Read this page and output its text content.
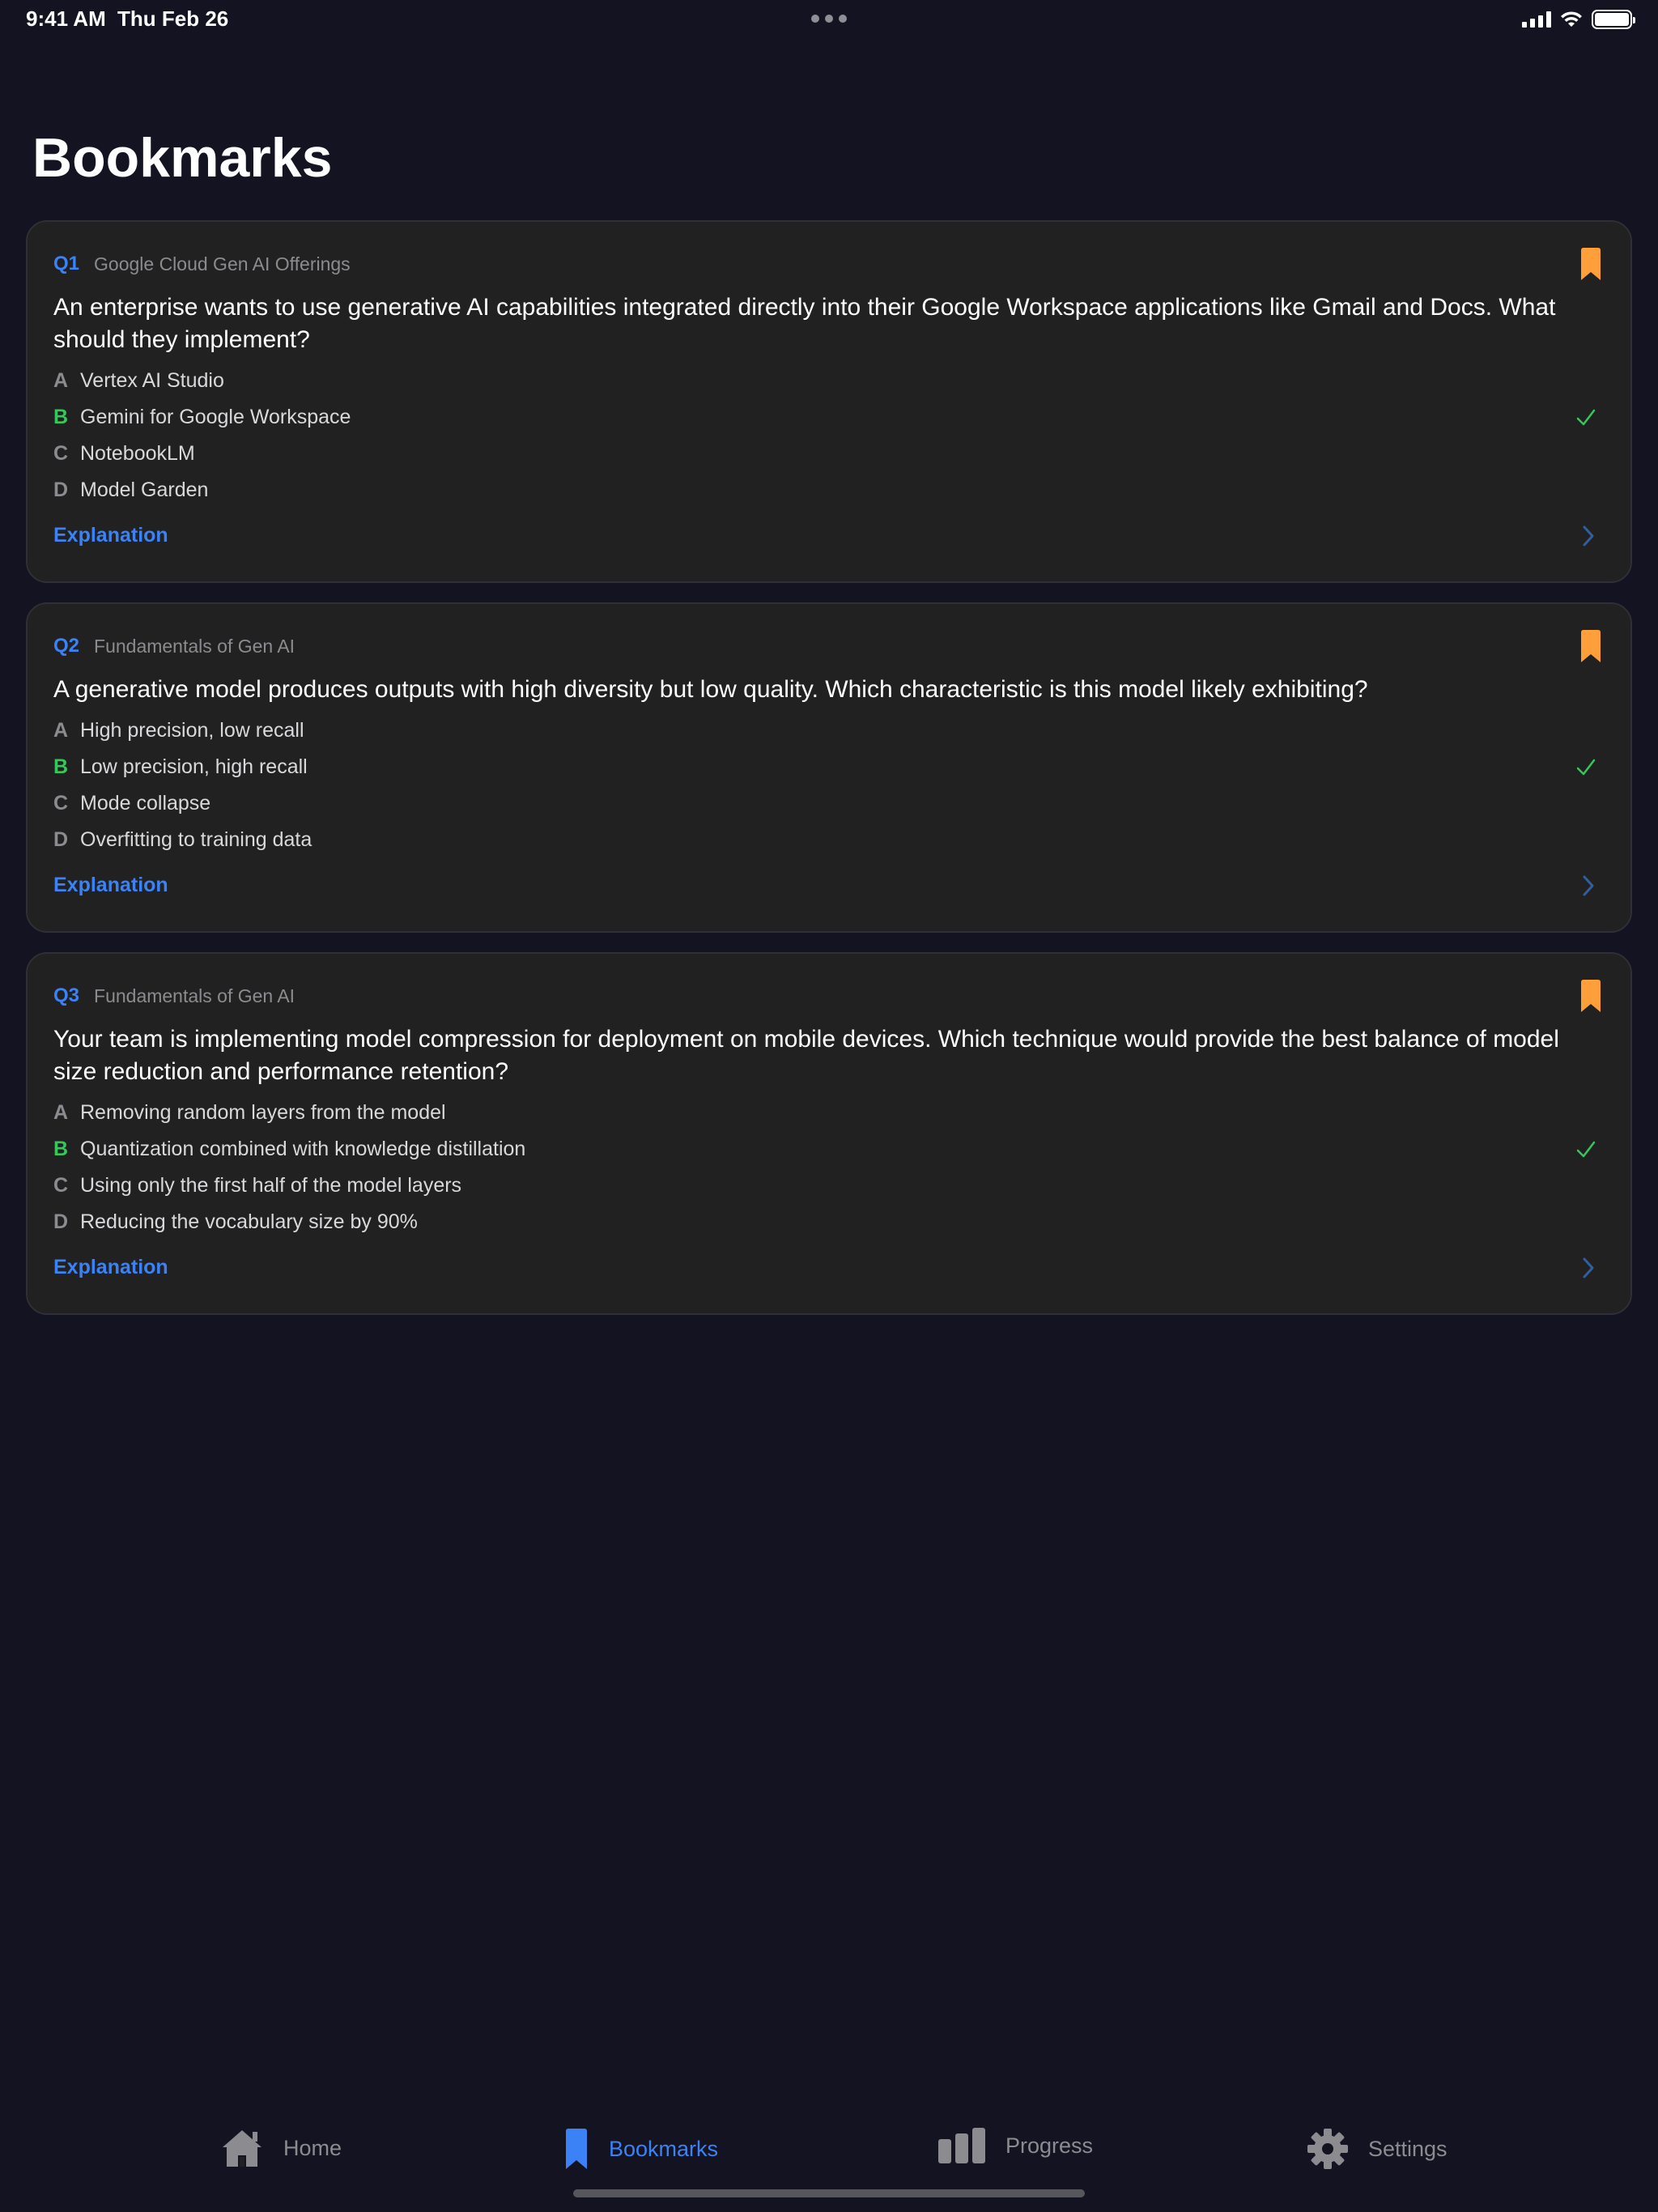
9:41 AM Thu Feb 26
Bookmarks
Q1 Google Cloud Gen AI Offerings
An enterprise wants to use generative AI capabilities integrated directly into their Google Workspace applications like Gmail and Docs. What should they implement?
A Vertex AI Studio
B Gemini for Google Workspace
C NotebookLM
D Model Garden
Explanation
Q2 Fundamentals of Gen AI
A generative model produces outputs with high diversity but low quality. Which characteristic is this model likely exhibiting?
A High precision, low recall
B Low precision, high recall
C Mode collapse
D Overfitting to training data
Explanation
Q3 Fundamentals of Gen AI
Your team is implementing model compression for deployment on mobile devices. Which technique would provide the best balance of model size reduction and performance retention?
A Removing random layers from the model
B Quantization combined with knowledge distillation
C Using only the first half of the model layers
D Reducing the vocabulary size by 90%
Explanation
Home	Bookmarks	Progress	Settings
